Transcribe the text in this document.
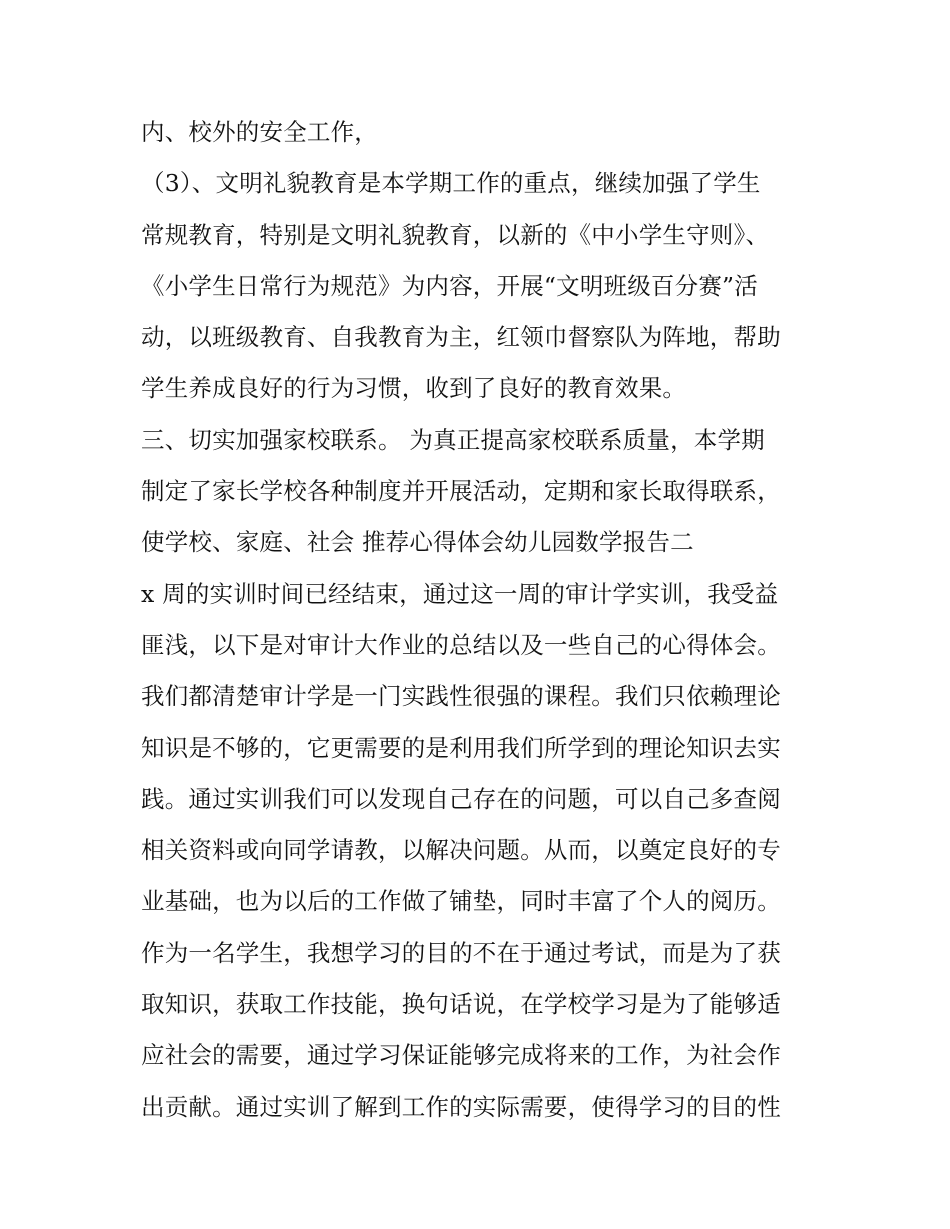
内、校外的安全工作，
（3）、文明礼貌教育是本学期工作的重点，继续加强了学生
常规教育，特别是文明礼貌教育，以新的《中小学生守则》、
《小学生日常行为规范》为内容，开展“文明班级百分赛”活
动，以班级教育、自我教育为主，红领巾督察队为阵地，帮助
学生养成良好的行为习惯，收到了良好的教育效果。
三、切实加强家校联系。 为真正提高家校联系质量，本学期
制定了家长学校各种制度并开展活动，定期和家长取得联系，
使学校、家庭、社会 推荐心得体会幼儿园数学报告二
x 周的实训时间已经结束，通过这一周的审计学实训，我受益
匪浅，以下是对审计大作业的总结以及一些自己的心得体会。
我们都清楚审计学是一门实践性很强的课程。我们只依赖理论
知识是不够的，它更需要的是利用我们所学到的理论知识去实
践。通过实训我们可以发现自己存在的问题，可以自己多查阅
相关资料或向同学请教，以解决问题。从而，以奠定良好的专
业基础，也为以后的工作做了铺垫，同时丰富了个人的阅历。
作为一名学生，我想学习的目的不在于通过考试，而是为了获
取知识，获取工作技能，换句话说，在学校学习是为了能够适
应社会的需要，通过学习保证能够完成将来的工作，为社会作
出贡献。通过实训了解到工作的实际需要，使得学习的目的性
